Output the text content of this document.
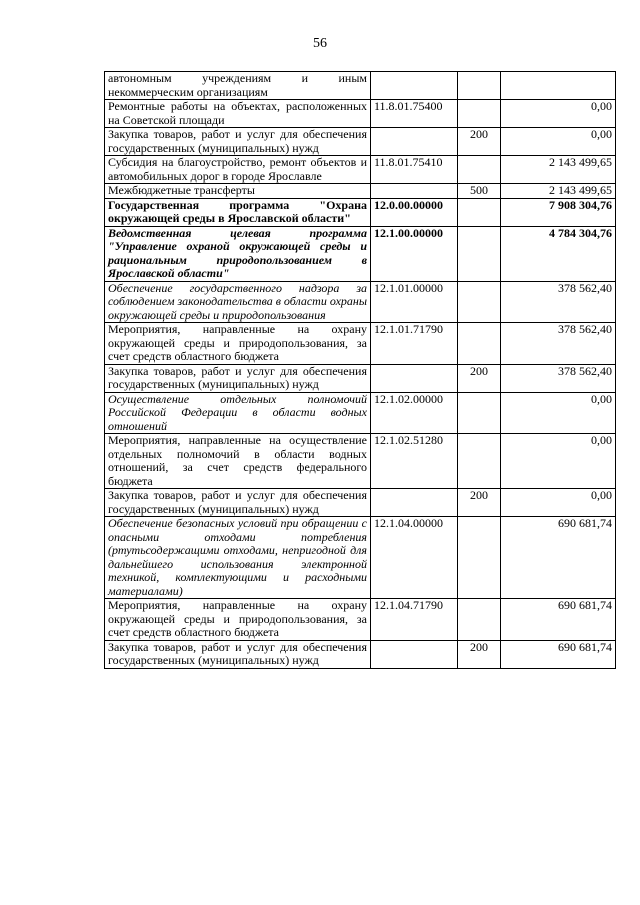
56
автономным учреждениям и иным некоммерческим организациям			
Ремонтные работы на объектах, расположенных на Советской площади	11.8.01.75400		0,00
Закупка товаров, работ и услуг для обеспечения государственных (муниципальных) нужд		200	0,00
Субсидия на благоустройство, ремонт объектов и автомобильных дорог в городе Ярославле	11.8.01.75410		2 143 499,65
Межбюджетные трансферты		500	2 143 499,65
Государственная программа "Охрана окружающей среды в Ярославской области"	12.0.00.00000		7 908 304,76
Ведомственная целевая программа "Управление охраной окружающей среды и рациональным природопользованием в Ярославской области"	12.1.00.00000		4 784 304,76
Обеспечение государственного надзора за соблюдением законодательства в области охраны окружающей среды и природопользования	12.1.01.00000		378 562,40
Мероприятия, направленные на охрану окружающей среды и природопользования, за счет средств областного бюджета	12.1.01.71790		378 562,40
Закупка товаров, работ и услуг для обеспечения государственных (муниципальных) нужд		200	378 562,40
Осуществление отдельных полномочий Российской Федерации в области водных отношений	12.1.02.00000		0,00
Мероприятия, направленные на осуществление отдельных полномочий в области водных отношений, за счет средств федерального бюджета	12.1.02.51280		0,00
Закупка товаров, работ и услуг для обеспечения государственных (муниципальных) нужд		200	0,00
Обеспечение безопасных условий при обращении с опасными отходами потребления (ртутьсодержащими отходами, непригодной для дальнейшего использования электронной техникой, комплектующими и расходными материалами)	12.1.04.00000		690 681,74
Мероприятия, направленные на охрану окружающей среды и природопользования, за счет средств областного бюджета	12.1.04.71790		690 681,74
Закупка товаров, работ и услуг для обеспечения государственных (муниципальных) нужд		200	690 681,74
